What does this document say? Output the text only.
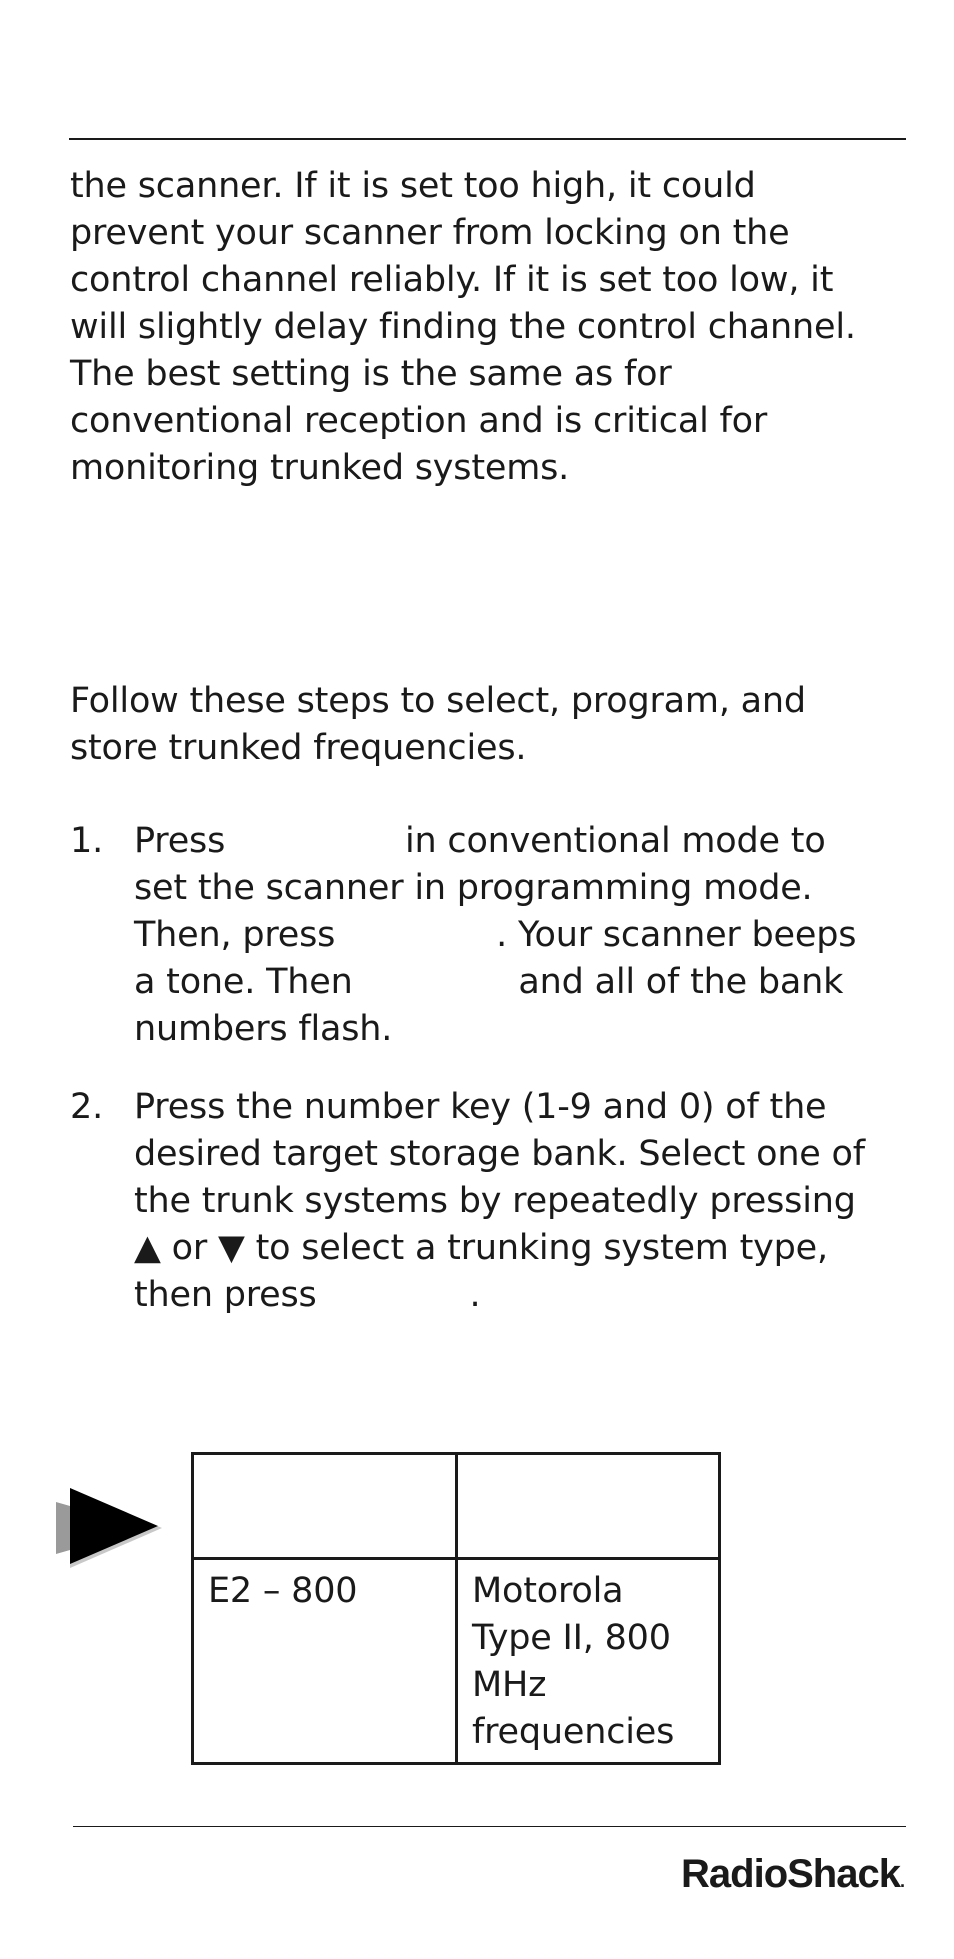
the scanner. If it is set too high, it could prevent your scanner from locking on the control channel reliably. If it is set too low, it will slightly delay finding the control channel. The best setting is the same as for conventional reception and is critical for monitoring trunked systems.

Follow these steps to select, program, and store trunked frequencies.

1. Press	in conventional mode to set the scanner in programming mode. Then, press	. Your scanner beeps a tone. Then	and all of the bank numbers flash.
2. Press the number key (1-9 and 0) of the desired target storage bank. Select one of the trunk systems by repeatedly pressing ▲ or ▼ to select a trunking system type, then press	.

E2 – 800	Motorola Type II, 800 MHz frequencies
RadioShack.
